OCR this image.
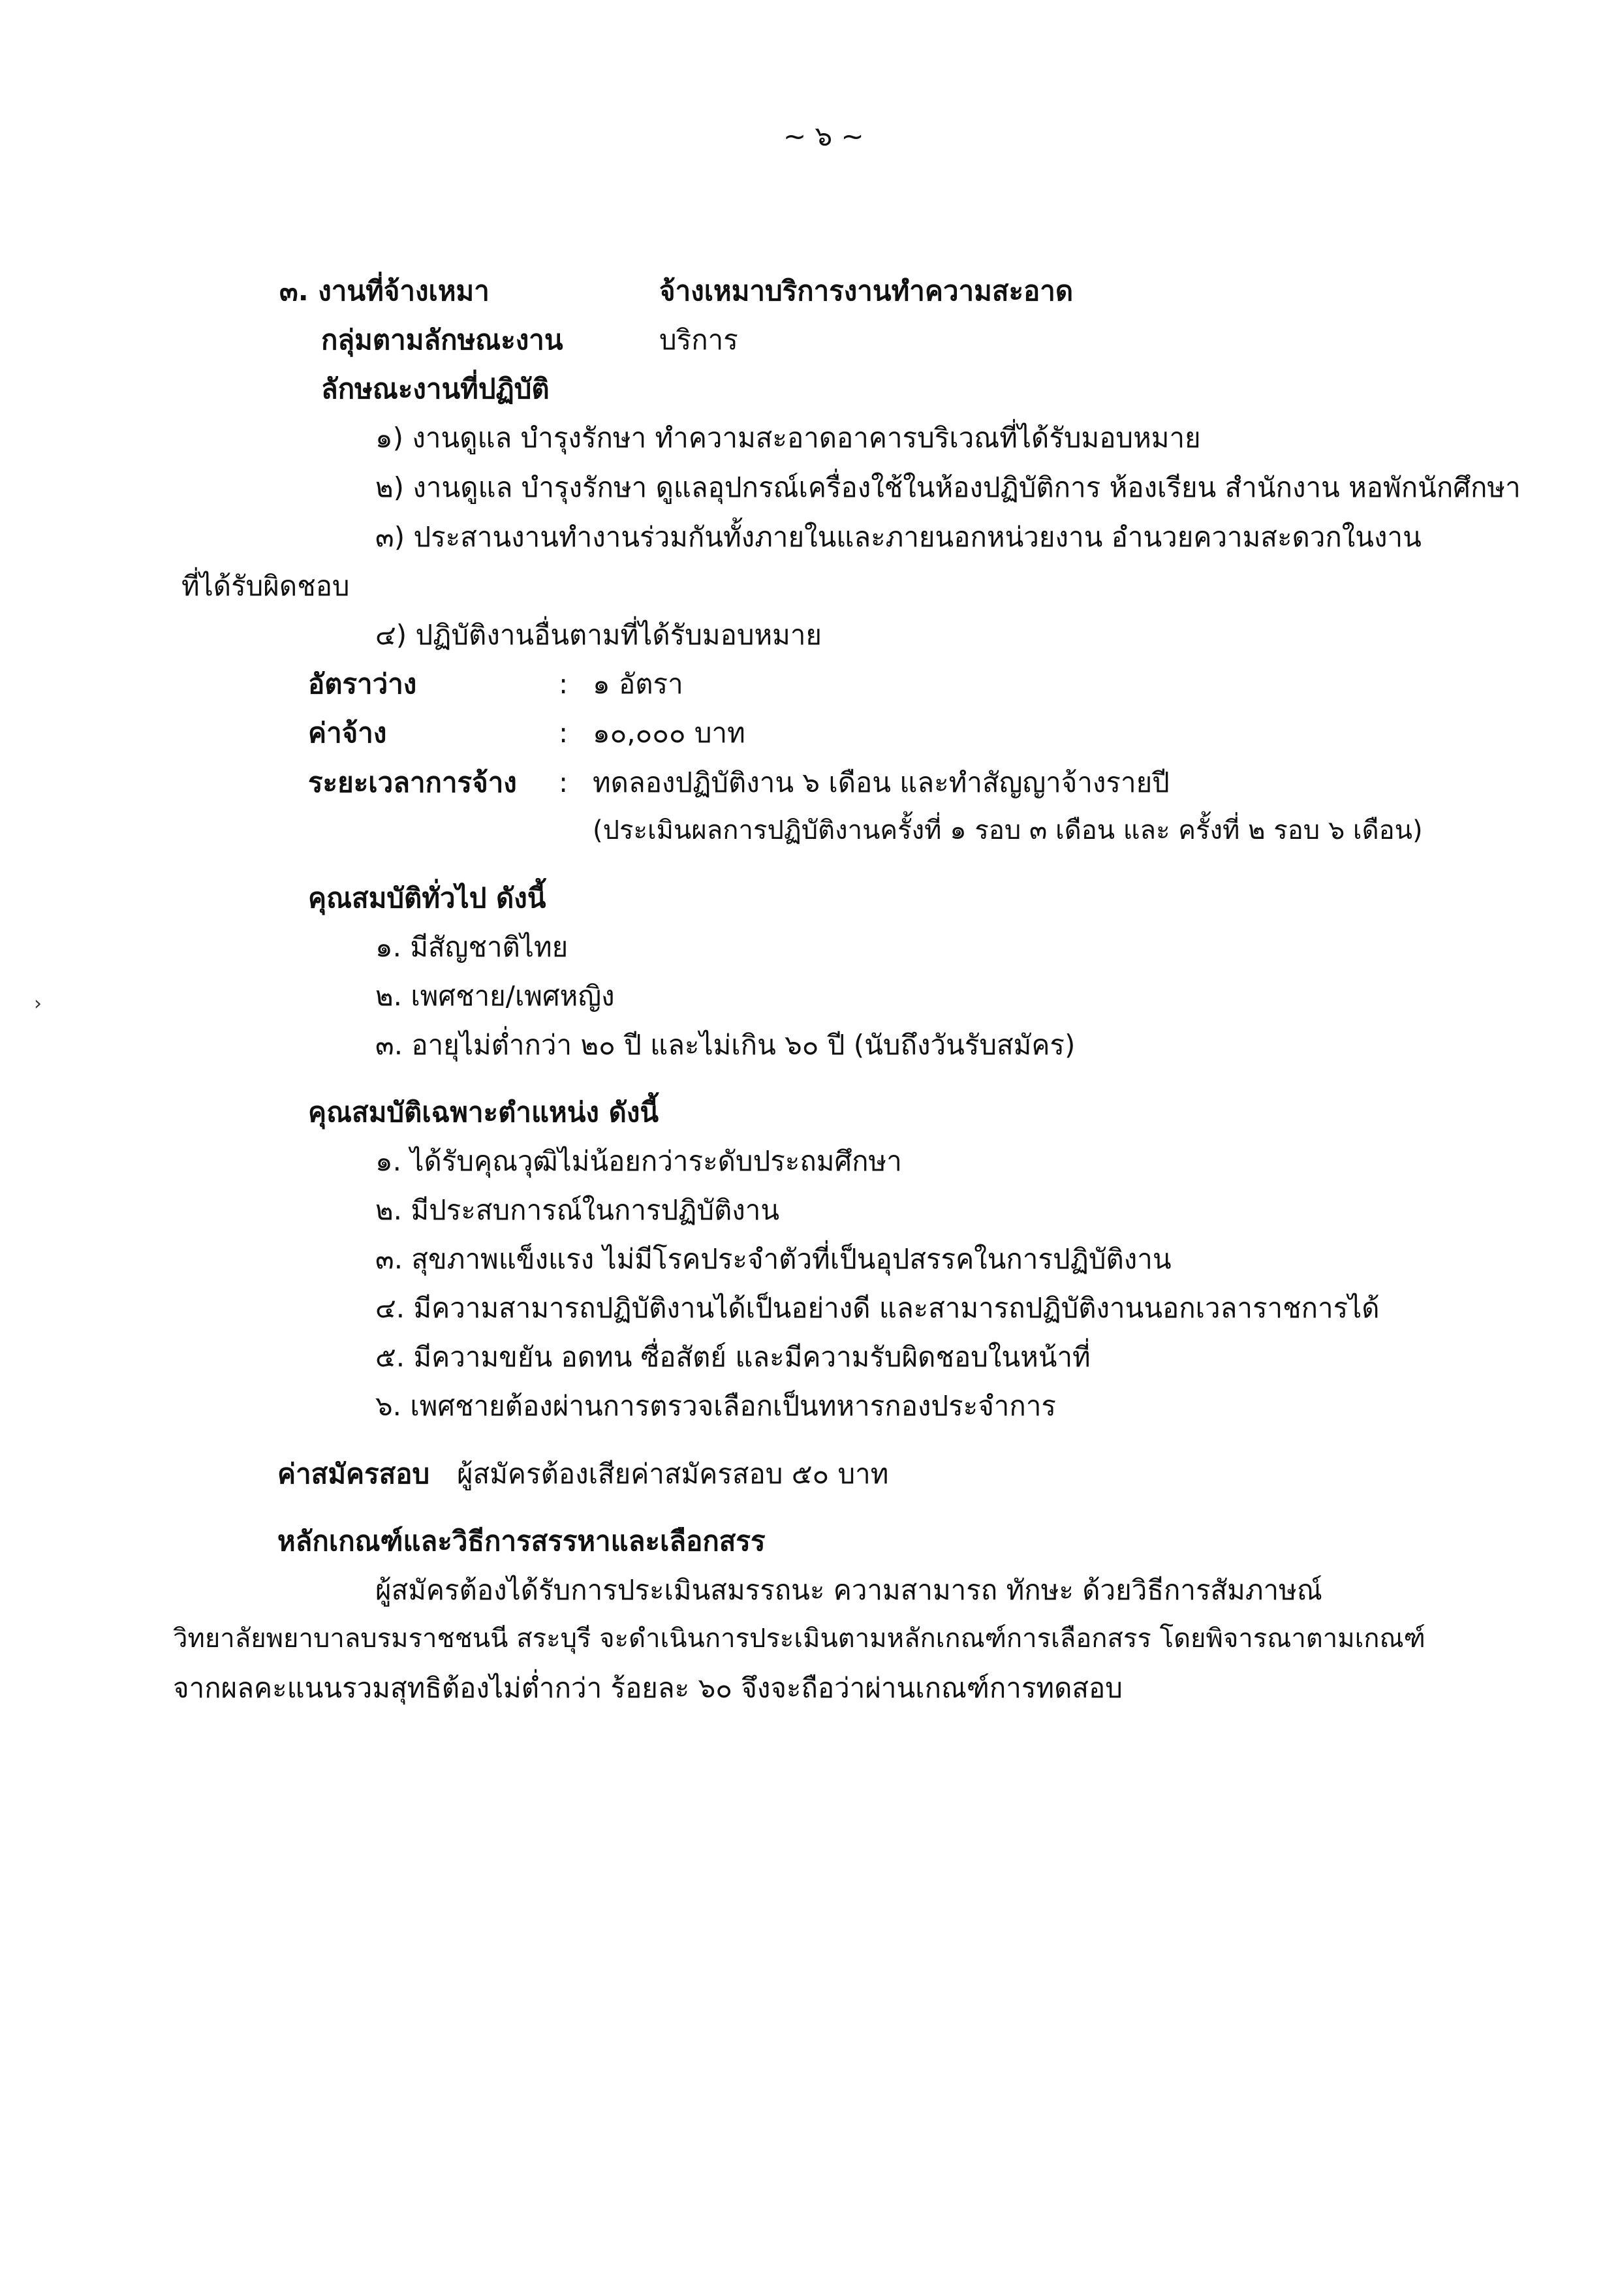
~ ๖ ~
๓. งานที่จ้างเหมา	จ้างเหมาบริการงานทำความสะอาด
กลุ่มตามลักษณะงาน	บริการ
ลักษณะงานที่ปฏิบัติ
๑) งานดูแล บำรุงรักษา ทำความสะอาดอาคารบริเวณที่ได้รับมอบหมาย
๒) งานดูแล บำรุงรักษา ดูแลอุปกรณ์เครื่องใช้ในห้องปฏิบัติการ ห้องเรียน สำนักงาน หอพักนักศึกษา
๓) ประสานงานทำงานร่วมกันทั้งภายในและภายนอกหน่วยงาน อำนวยความสะดวกในงาน
ที่ได้รับผิดชอบ
๔) ปฏิบัติงานอื่นตามที่ได้รับมอบหมาย
อัตราว่าง	: ๑ อัตรา
ค่าจ้าง	: ๑๐,๐๐๐ บาท
ระยะเวลาการจ้าง : ทดลองปฏิบัติงาน ๖ เดือน และทำสัญญาจ้างรายปี
(ประเมินผลการปฏิบัติงานครั้งที่ ๑ รอบ ๓ เดือน และ ครั้งที่ ๒ รอบ ๖ เดือน)
คุณสมบัติทั่วไป ดังนี้
๑. มีสัญชาติไทย
๒. เพศชาย/เพศหญิง
๓. อายุไม่ต่ำกว่า ๒๐ ปี และไม่เกิน ๖๐ ปี (นับถึงวันรับสมัคร)
คุณสมบัติเฉพาะตำแหน่ง ดังนี้
๑. ได้รับคุณวุฒิไม่น้อยกว่าระดับประถมศึกษา
๒. มีประสบการณ์ในการปฏิบัติงาน
๓. สุขภาพแข็งแรง ไม่มีโรคประจำตัวที่เป็นอุปสรรคในการปฏิบัติงาน
๔. มีความสามารถปฏิบัติงานได้เป็นอย่างดี และสามารถปฏิบัติงานนอกเวลาราชการได้
๕. มีความขยัน อดทน ซื่อสัตย์ และมีความรับผิดชอบในหน้าที่
๖. เพศชายต้องผ่านการตรวจเลือกเป็นทหารกองประจำการ
ค่าสมัครสอบ ผู้สมัครต้องเสียค่าสมัครสอบ ๕๐ บาท
หลักเกณฑ์และวิธีการสรรหาและเลือกสรร
ผู้สมัครต้องได้รับการประเมินสมรรถนะ ความสามารถ ทักษะ ด้วยวิธีการสัมภาษณ์
วิทยาลัยพยาบาลบรมราชชนนี สระบุรี จะดำเนินการประเมินตามหลักเกณฑ์การเลือกสรร โดยพิจารณาตามเกณฑ์
จากผลคะแนนรวมสุทธิต้องไม่ต่ำกว่า ร้อยละ ๖๐ จึงจะถือว่าผ่านเกณฑ์การทดสอบ
›
